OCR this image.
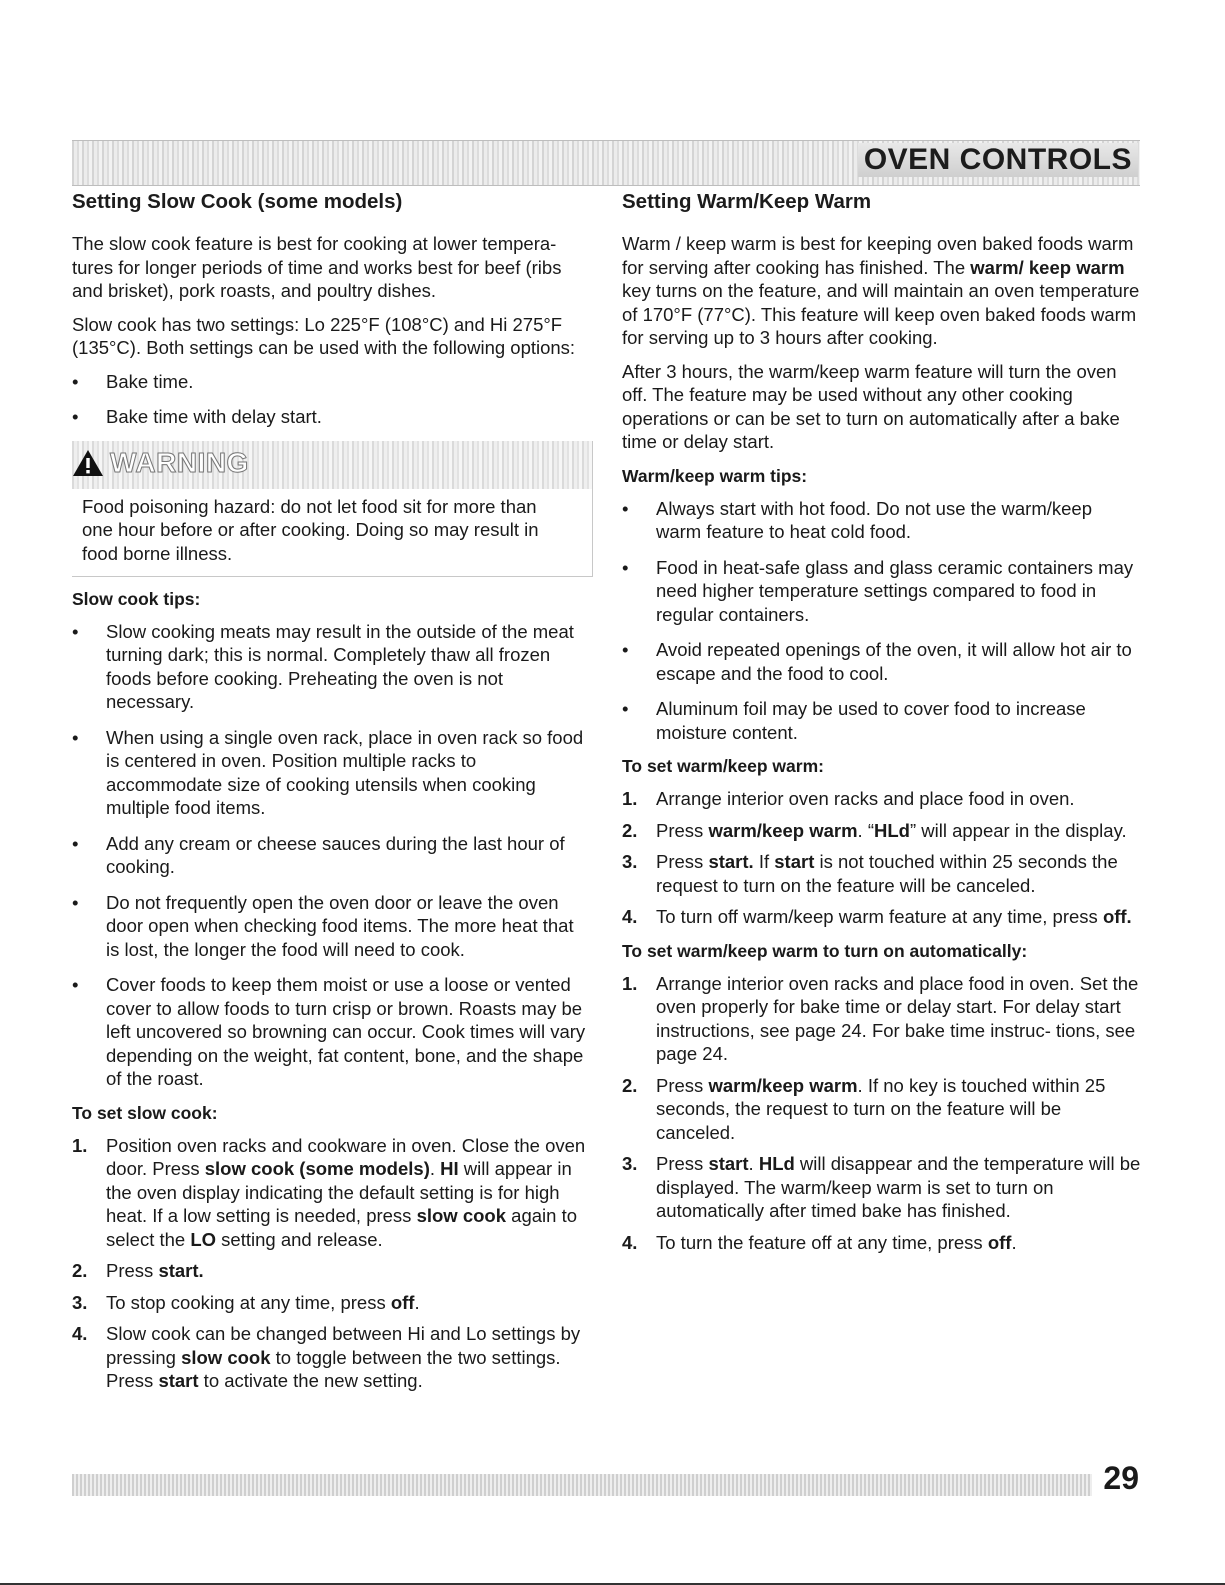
OVEN CONTROLS
Setting Slow Cook (some models)

The slow cook feature is best for cooking at lower tempera- tures for longer periods of time and works best for beef (ribs and brisket), pork roasts, and poultry dishes.

Slow cook has two settings: Lo 225°F (108°C) and Hi 275°F (135°C). Both settings can be used with the following options:

• Bake time.
• Bake time with delay start.
WARNING
Food poisoning hazard: do not let food sit for more than one hour before or after cooking. Doing so may result in food borne illness.
Slow cook tips:
• Slow cooking meats may result in the outside of the meat turning dark; this is normal. Completely thaw all frozen foods before cooking. Preheating the oven is not necessary.
• When using a single oven rack, place in oven rack so food is centered in oven. Position multiple racks to accommodate size of cooking utensils when cooking multiple food items.
• Add any cream or cheese sauces during the last hour of cooking.
• Do not frequently open the oven door or leave the oven door open when checking food items. The more heat that is lost, the longer the food will need to cook.
• Cover foods to keep them moist or use a loose or vented cover to allow foods to turn crisp or brown. Roasts may be left uncovered so browning can occur. Cook times will vary depending on the weight, fat content, bone, and the shape of the roast.
To set slow cook:
1. Position oven racks and cookware in oven. Close the oven door. Press slow cook (some models). HI will appear in the oven display indicating the default setting is for high heat. If a low setting is needed, press slow cook again to select the LO setting and release.
2. Press start.
3. To stop cooking at any time, press off.
4. Slow cook can be changed between Hi and Lo settings by pressing slow cook to toggle between the two settings. Press start to activate the new setting.
Setting Warm/Keep Warm

Warm / keep warm is best for keeping oven baked foods warm for serving after cooking has finished. The warm/ keep warm key turns on the feature, and will maintain an oven temperature of 170°F (77°C). This feature will keep oven baked foods warm for serving up to 3 hours after cooking.

After 3 hours, the warm/keep warm feature will turn the oven off. The feature may be used without any other cooking operations or can be set to turn on automatically after a bake time or delay start.

Warm/keep warm tips:
• Always start with hot food. Do not use the warm/keep warm feature to heat cold food.
• Food in heat-safe glass and glass ceramic containers may need higher temperature settings compared to food in regular containers.
• Avoid repeated openings of the oven, it will allow hot air to escape and the food to cool.
• Aluminum foil may be used to cover food to increase moisture content.
To set warm/keep warm:
1. Arrange interior oven racks and place food in oven.
2. Press warm/keep warm. “HLd” will appear in the display.
3. Press start. If start is not touched within 25 seconds the request to turn on the feature will be canceled.
4. To turn off warm/keep warm feature at any time, press off.
To set warm/keep warm to turn on automatically:
1. Arrange interior oven racks and place food in oven. Set the oven properly for bake time or delay start. For delay start instructions, see page 24. For bake time instruc- tions, see page 24.
2. Press warm/keep warm. If no key is touched within 25 seconds, the request to turn on the feature will be canceled.
3. Press start. HLd will disappear and the temperature will be displayed. The warm/keep warm is set to turn on automatically after timed bake has finished.
4. To turn the feature off at any time, press off.
29
